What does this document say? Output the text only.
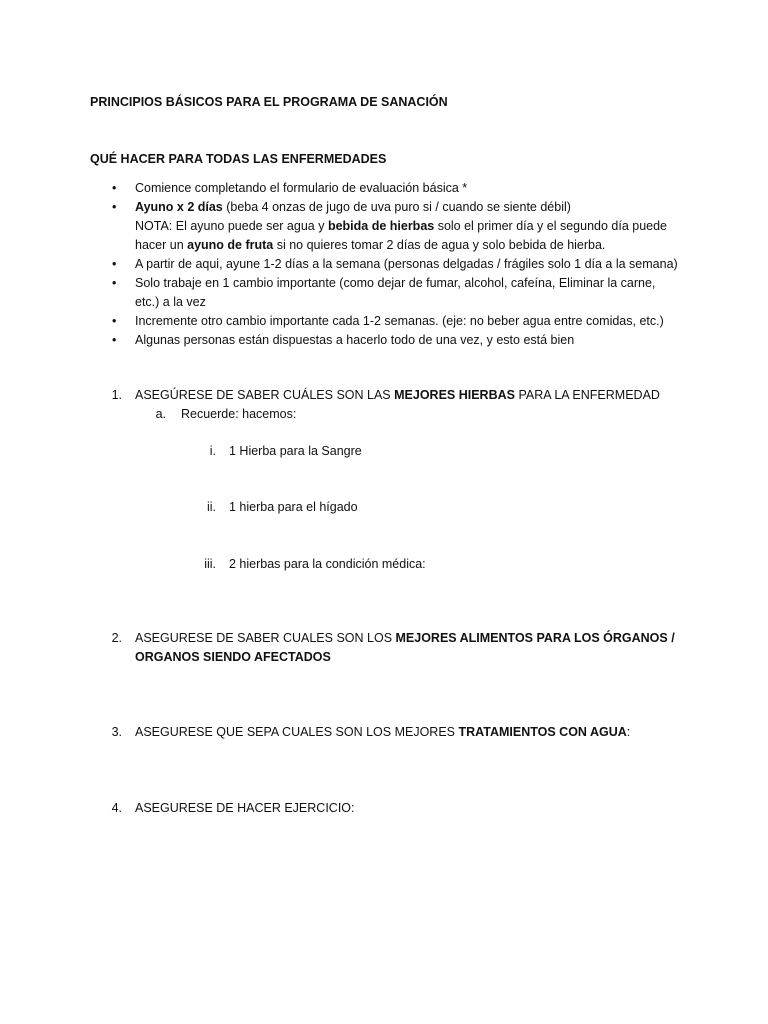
PRINCIPIOS BÁSICOS PARA EL PROGRAMA DE SANACIÓN
QUÉ HACER PARA TODAS LAS ENFERMEDADES
• Comience completando el formulario de evaluación básica *
• Ayuno x 2 días (beba 4 onzas de jugo de uva puro si / cuando se siente débil)
NOTA: El ayuno puede ser agua y bebida de hierbas solo el primer día y el segundo día puede
hacer un ayuno de fruta si no quieres tomar 2 días de agua y solo bebida de hierba.
• A partir de aqui, ayune 1-2 días a la semana (personas delgadas / frágiles solo 1 día a la semana)
• Solo trabaje en 1 cambio importante (como dejar de fumar, alcohol, cafeína, Eliminar la carne,
etc.) a la vez
• Incremente otro cambio importante cada 1-2 semanas. (eje: no beber agua entre comidas, etc.)
• Algunas personas están dispuestas a hacerlo todo de una vez, y esto está bien
1. ASEGÚRESE DE SABER CUÁLES SON LAS MEJORES HIERBAS PARA LA ENFERMEDAD
a. Recuerde: hacemos:
i. 1 Hierba para la Sangre
ii. 1 hierba para el hígado
iii. 2 hierbas para la condición médica:
2. ASEGURESE DE SABER CUALES SON LOS MEJORES ALIMENTOS PARA LOS ÓRGANOS /
ORGANOS SIENDO AFECTADOS
3. ASEGURESE QUE SEPA CUALES SON LOS MEJORES TRATAMIENTOS CON AGUA:
4. ASEGURESE DE HACER EJERCICIO:
